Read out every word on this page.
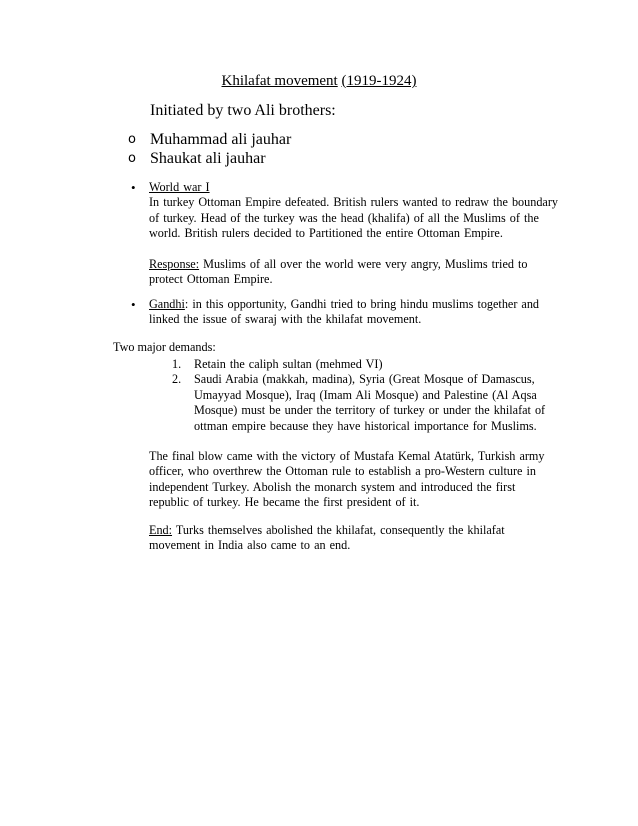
Khilafat movement (1919-1924)
Initiated by two Ali brothers:
o Muhammad ali jauhar
o Shaukat ali jauhar
• World war I
In turkey Ottoman Empire defeated. British rulers wanted to redraw the boundary
of turkey. Head of the turkey was the head (khalifa) of all the Muslims of the
world. British rulers decided to Partitioned the entire Ottoman Empire.
Response: Muslims of all over the world were very angry, Muslims tried to
protect Ottoman Empire.
• Gandhi: in this opportunity, Gandhi tried to bring hindu muslims together and
linked the issue of swaraj with the khilafat movement.
Two major demands:
1.	Retain the caliph sultan (mehmed VI)
2.	Saudi Arabia (makkah, madina), Syria (Great Mosque of Damascus,
Umayyad Mosque), Iraq (Imam Ali Mosque) and Palestine (Al Aqsa
Mosque) must be under the territory of turkey or under the khilafat of
ottman empire because they have historical importance for Muslims.
The final blow came with the victory of Mustafa Kemal Atatürk, Turkish army
officer, who overthrew the Ottoman rule to establish a pro-Western culture in
independent Turkey. Abolish the monarch system and introduced the first
republic of turkey. He became the first president of it.
End: Turks themselves abolished the khilafat, consequently the khilafat
movement in India also came to an end.
